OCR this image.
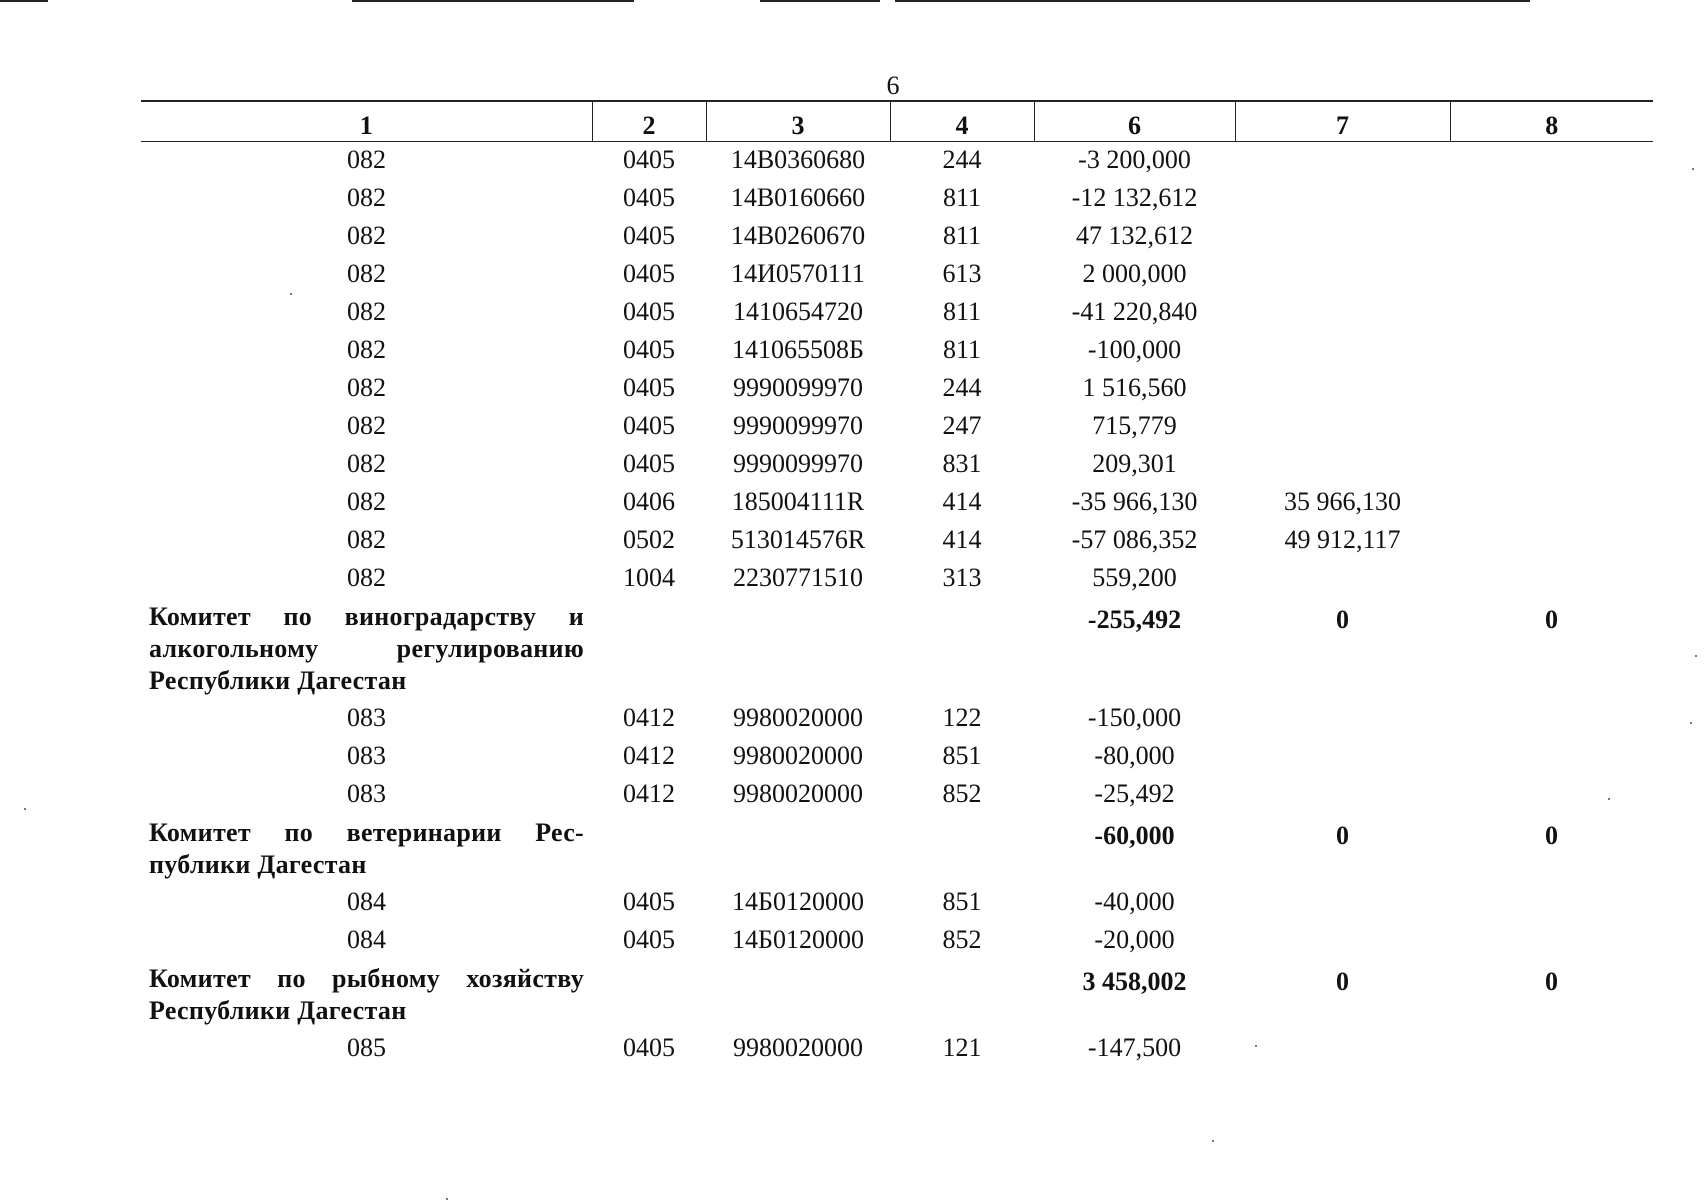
6
1	2	3	4	6	7	8
082	0405	14В0360680	244	-3 200,000		
082	0405	14В0160660	811	-12 132,612		
082	0405	14В0260670	811	47 132,612		
082	0405	14И0570111	613	2 000,000		
082	0405	1410654720	811	-41 220,840		
082	0405	141065508Б	811	-100,000		
082	0405	9990099970	244	1 516,560		
082	0405	9990099970	247	715,779		
082	0405	9990099970	831	209,301		
082	0406	185004111R	414	-35 966,130	35 966,130	
082	0502	513014576R	414	-57 086,352	49 912,117	
082	1004	2230771510	313	559,200		
Комитет по виноградарству и алкогольному регулированию Республики Дагестан				-255,492	0	0
083	0412	9980020000	122	-150,000		
083	0412	9980020000	851	-80,000		
083	0412	9980020000	852	-25,492		
Комитет по ветеринарии Рес-публики Дагестан				-60,000	0	0
084	0405	14Б0120000	851	-40,000		
084	0405	14Б0120000	852	-20,000		
Комитет по рыбному хозяйству Республики Дагестан				3 458,002	0	0
085	0405	9980020000	121	-147,500		
